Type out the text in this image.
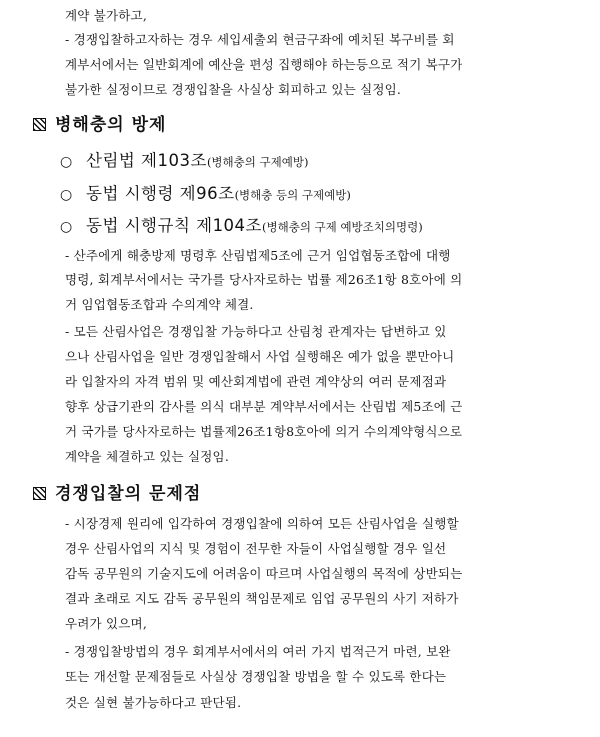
계약 불가하고,
- 경쟁입찰하고자하는 경우 세입세출외 현금구좌에 예치된 복구비를 회
계부서에서는 일반회계에 예산을 편성 집행해야 하는등으로 적기 복구가
불가한 실정이므로 경쟁입찰을 사실상 회피하고 있는 실정임.
병해충의 방제
○ 산림법 제103조(병해충의 구제예방)
○ 동법 시행령 제96조(병해충 등의 구제예방)
○ 동법 시행규칙 제104조(병해충의 구제 예방조치의명령)
- 산주에게 해충방제 명령후 산림법제5조에 근거 임업협동조합에 대행
명령, 회계부서에서는 국가를 당사자로하는 법률 제26조1항 8호아에 의
거 임업협동조합과 수의계약 체결.
- 모든 산림사업은 경쟁입찰 가능하다고 산림청 관계자는 답변하고 있
으나 산림사업을 일반 경쟁입찰해서 사업 실행해온 예가 없을 뿐만아니
라 입찰자의 자격 범위 및 예산회계법에 관련 계약상의 여러 문제점과
향후 상급기관의 감사를 의식 대부분 계약부서에서는 산림법 제5조에 근
거 국가를 당사자로하는 법률제26조1항8호아에 의거 수의계약형식으로
계약을 체결하고 있는 실정임.
경쟁입찰의 문제점
- 시장경제 원리에 입각하여 경쟁입찰에 의하여 모든 산림사업을 실행할
경우 산림사업의 지식 및 경험이 전무한 자들이 사업실행할 경우 일선
감독 공무원의 기술지도에 어려움이 따르며 사업실행의 목적에 상반되는
결과 초래로 지도 감독 공무원의 책임문제로 임업 공무원의 사기 저하가
우려가 있으며,
- 경쟁입찰방법의 경우 회계부서에서의 여러 가지 법적근거 마련, 보완
또는 개선할 문제점들로 사실상 경쟁입찰 방법을 할 수 있도록 한다는
것은 실현 불가능하다고 판단됨.
